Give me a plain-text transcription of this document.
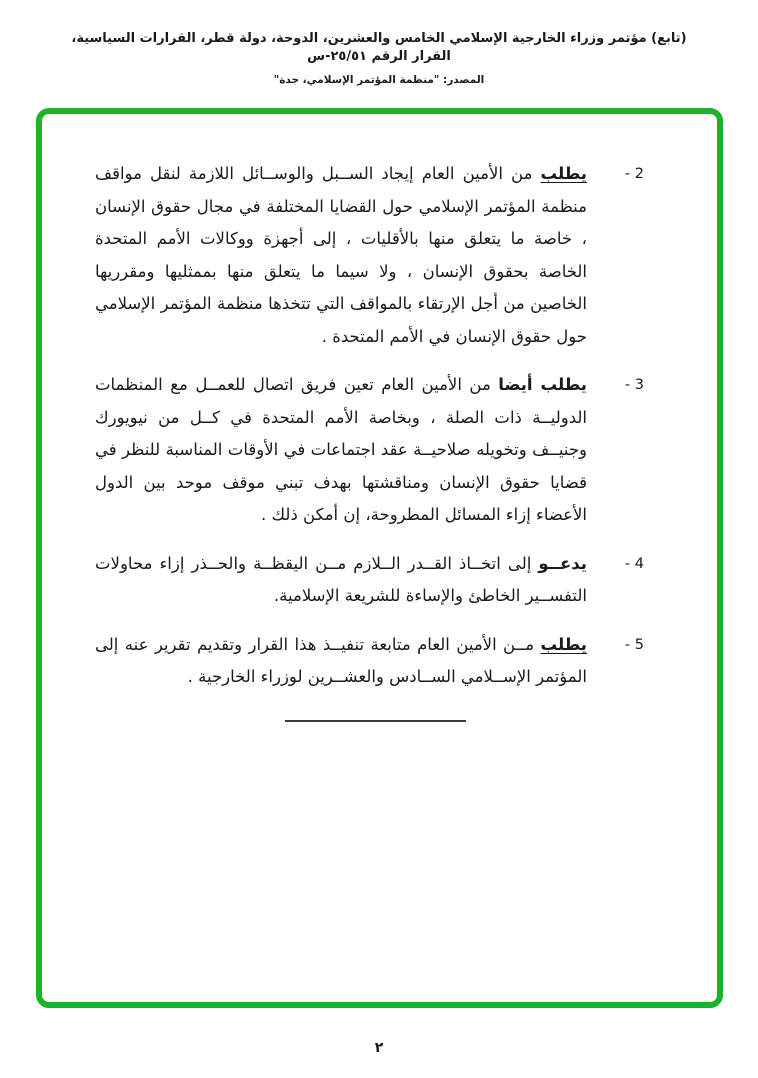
(تابع) مؤتمر وزراء الخارجية الإسلامي الخامس والعشرين، الدوحة، دولة قطر، القرارات السياسية، القرار الرقم ٢٥/٥١-س
المصدر: "منظمة المؤتمر الإسلامي، جدة"
2 -
يطلب من الأمين العام إيجاد الســبل والوســائل اللازمة لنقل مواقف منظمة المؤتمر الإسلامي حول القضايا المختلفة في مجال حقوق الإنسان ، خاصة ما يتعلق منها بالأقليات ، إلى أجهزة ووكالات الأمم المتحدة الخاصة بحقوق الإنسان ، ولا سيما ما يتعلق منها بممثليها ومقرريها الخاصين من أجل الإرتقاء بالمواقف التي تتخذها منظمة المؤتمر الإسلامي حول حقوق الإنسان في الأمم المتحدة .
3 -
يطلب أيضا من الأمين العام تعين فريق اتصال للعمــل مع المنظمات الدوليــة ذات الصلة ، وبخاصة الأمم المتحدة في كــل من نيويورك وجنيــف وتخويله صلاحيــة عقد اجتماعات في الأوقات المناسبة للنظر في قضايا حقوق الإنسان ومناقشتها بهدف تبني موقف موحد بين الدول الأعضاء إزاء المسائل المطروحة، إن أمكن ذلك .
4 -
يدعــو إلى اتخــاذ القــدر الــلازم مــن اليقظــة والحــذر إزاء محاولات التفســير الخاطئ والإساءة للشريعة الإسلامية.
5 -
يطلب مــن الأمين العام متابعة تنفيــذ هذا القرار وتقديم تقرير عنه إلى المؤتمر الإســلامي الســادس والعشــرين لوزراء الخارجية .
٢
